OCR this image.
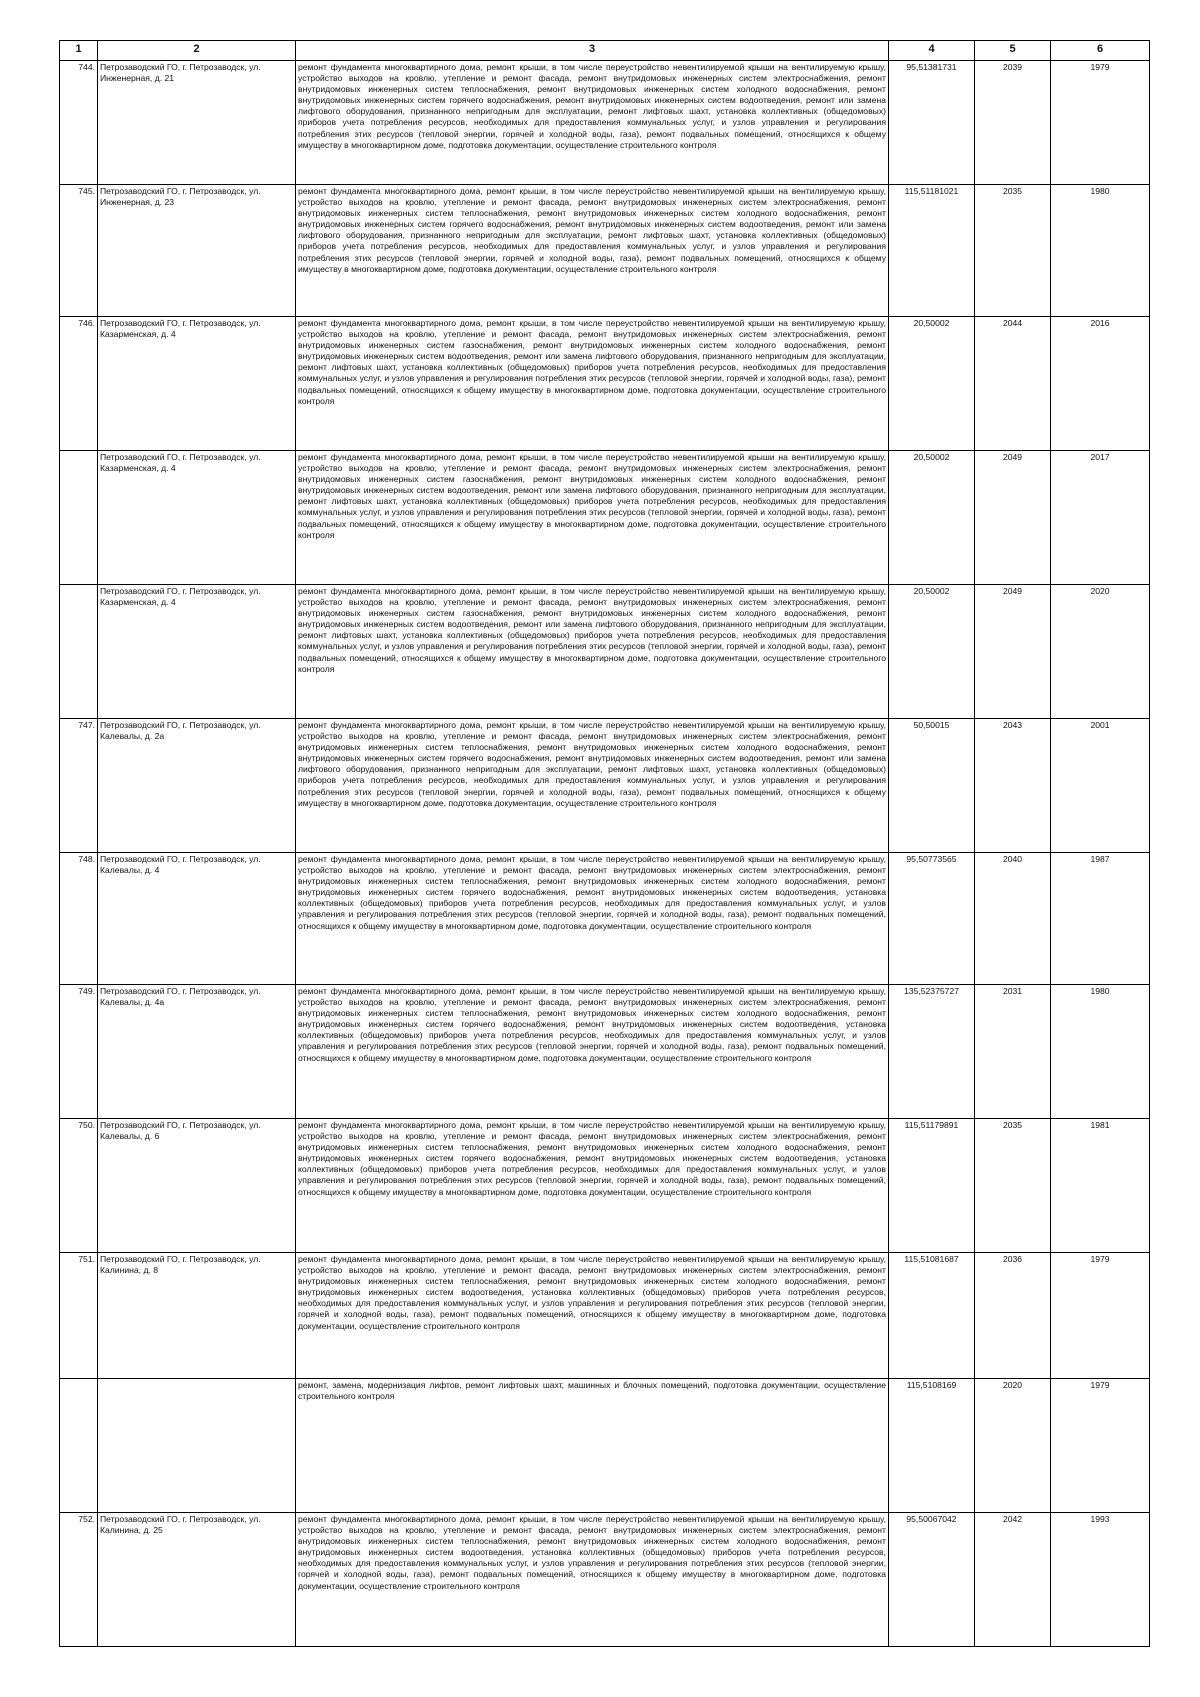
1	2	3	4	5	6
744.	Петрозаводский ГО, г. Петрозаводск, ул. Инженерная, д. 21	ремонт фундамента многоквартирного дома, ремонт крыши, в том числе переустройство невентилируемой крыши на вентилируемую крышу, устройство выходов на кровлю, утепление и ремонт фасада, ремонт внутридомовых инженерных систем электроснабжения, ремонт внутридомовых инженерных систем теплоснабжения, ремонт внутридомовых инженерных систем холодного водоснабжения, ремонт внутридомовых инженерных систем горячего водоснабжения, ремонт внутридомовых инженерных систем водоотведения, ремонт или замена лифтового оборудования, признанного непригодным для эксплуатации, ремонт лифтовых шахт, установка коллективных (общедомовых) приборов учета потребления ресурсов, необходимых для предоставления коммунальных услуг, и узлов управления и регулирования потребления этих ресурсов (тепловой энергии, горячей и холодной воды, газа), ремонт подвальных помещений, относящихся к общему имуществу в многоквартирном доме, подготовка документации, осуществление строительного контроля	95,51381731	2039	1979
745.	Петрозаводский ГО, г. Петрозаводск, ул. Инженерная, д. 23	ремонт фундамента многоквартирного дома, ремонт крыши, в том числе переустройство невентилируемой крыши на вентилируемую крышу, устройство выходов на кровлю, утепление и ремонт фасада, ремонт внутридомовых инженерных систем электроснабжения, ремонт внутридомовых инженерных систем теплоснабжения, ремонт внутридомовых инженерных систем холодного водоснабжения, ремонт внутридомовых инженерных систем горячего водоснабжения, ремонт внутридомовых инженерных систем водоотведения, ремонт или замена лифтового оборудования, признанного непригодным для эксплуатации, ремонт лифтовых шахт, установка коллективных (общедомовых) приборов учета потребления ресурсов, необходимых для предоставления коммунальных услуг, и узлов управления и регулирования потребления этих ресурсов (тепловой энергии, горячей и холодной воды, газа), ремонт подвальных помещений, относящихся к общему имуществу в многоквартирном доме, подготовка документации, осуществление строительного контроля	115,51181021	2035	1980
746.	Петрозаводский ГО, г. Петрозаводск, ул. Казарменская, д. 4	ремонт фундамента многоквартирного дома, ремонт крыши, в том числе переустройство невентилируемой крыши на вентилируемую крышу, устройство выходов на кровлю, утепление и ремонт фасада, ремонт внутридомовых инженерных систем электроснабжения, ремонт внутридомовых инженерных систем газоснабжения, ремонт внутридомовых инженерных систем холодного водоснабжения, ремонт внутридомовых инженерных систем водоотведения, ремонт или замена лифтового оборудования, признанного непригодным для эксплуатации, ремонт лифтовых шахт, установка коллективных (общедомовых) приборов учета потребления ресурсов, необходимых для предоставления коммунальных услуг, и узлов управления и регулирования потребления этих ресурсов (тепловой энергии, горячей и холодной воды, газа), ремонт подвальных помещений, относящихся к общему имуществу в многоквартирном доме, подготовка документации, осуществление строительного контроля	20,50002	2044	2016
	Петрозаводский ГО, г. Петрозаводск, ул. Казарменская, д. 4	ремонт фундамента многоквартирного дома, ремонт крыши, в том числе переустройство невентилируемой крыши на вентилируемую крышу, устройство выходов на кровлю, утепление и ремонт фасада, ремонт внутридомовых инженерных систем электроснабжения, ремонт внутридомовых инженерных систем газоснабжения, ремонт внутридомовых инженерных систем холодного водоснабжения, ремонт внутридомовых инженерных систем водоотведения, ремонт или замена лифтового оборудования, признанного непригодным для эксплуатации, ремонт лифтовых шахт, установка коллективных (общедомовых) приборов учета потребления ресурсов, необходимых для предоставления коммунальных услуг, и узлов управления и регулирования потребления этих ресурсов (тепловой энергии, горячей и холодной воды, газа), ремонт подвальных помещений, относящихся к общему имуществу в многоквартирном доме, подготовка документации, осуществление строительного контроля	20,50002	2049	2017
	Петрозаводский ГО, г. Петрозаводск, ул. Казарменская, д. 4	ремонт фундамента многоквартирного дома, ремонт крыши, в том числе переустройство невентилируемой крыши на вентилируемую крышу, устройство выходов на кровлю, утепление и ремонт фасада, ремонт внутридомовых инженерных систем электроснабжения, ремонт внутридомовых инженерных систем газоснабжения, ремонт внутридомовых инженерных систем холодного водоснабжения, ремонт внутридомовых инженерных систем водоотведения, ремонт или замена лифтового оборудования, признанного непригодным для эксплуатации, ремонт лифтовых шахт, установка коллективных (общедомовых) приборов учета потребления ресурсов, необходимых для предоставления коммунальных услуг, и узлов управления и регулирования потребления этих ресурсов (тепловой энергии, горячей и холодной воды, газа), ремонт подвальных помещений, относящихся к общему имуществу в многоквартирном доме, подготовка документации, осуществление строительного контроля	20,50002	2049	2020
747.	Петрозаводский ГО, г. Петрозаводск, ул. Калевалы, д. 2а	ремонт фундамента многоквартирного дома, ремонт крыши, в том числе переустройство невентилируемой крыши на вентилируемую крышу, устройство выходов на кровлю, утепление и ремонт фасада, ремонт внутридомовых инженерных систем электроснабжения, ремонт внутридомовых инженерных систем теплоснабжения, ремонт внутридомовых инженерных систем холодного водоснабжения, ремонт внутридомовых инженерных систем горячего водоснабжения, ремонт внутридомовых инженерных систем водоотведения, ремонт или замена лифтового оборудования, признанного непригодным для эксплуатации, ремонт лифтовых шахт, установка коллективных (общедомовых) приборов учета потребления ресурсов, необходимых для предоставления коммунальных услуг, и узлов управления и регулирования потребления этих ресурсов (тепловой энергии, горячей и холодной воды, газа), ремонт подвальных помещений, относящихся к общему имуществу в многоквартирном доме, подготовка документации, осуществление строительного контроля	50,50015	2043	2001
748.	Петрозаводский ГО, г. Петрозаводск, ул. Калевалы, д. 4	ремонт фундамента многоквартирного дома, ремонт крыши, в том числе переустройство невентилируемой крыши на вентилируемую крышу, устройство выходов на кровлю, утепление и ремонт фасада, ремонт внутридомовых инженерных систем электроснабжения, ремонт внутридомовых инженерных систем теплоснабжения, ремонт внутридомовых инженерных систем холодного водоснабжения, ремонт внутридомовых инженерных систем горячего водоснабжения, ремонт внутридомовых инженерных систем водоотведения, установка коллективных (общедомовых) приборов учета потребления ресурсов, необходимых для предоставления коммунальных услуг, и узлов управления и регулирования потребления этих ресурсов (тепловой энергии, горячей и холодной воды, газа), ремонт подвальных помещений, относящихся к общему имуществу в многоквартирном доме, подготовка документации, осуществление строительного контроля	95,50773565	2040	1987
749.	Петрозаводский ГО, г. Петрозаводск, ул. Калевалы, д. 4а	ремонт фундамента многоквартирного дома, ремонт крыши, в том числе переустройство невентилируемой крыши на вентилируемую крышу, устройство выходов на кровлю, утепление и ремонт фасада, ремонт внутридомовых инженерных систем электроснабжения, ремонт внутридомовых инженерных систем теплоснабжения, ремонт внутридомовых инженерных систем холодного водоснабжения, ремонт внутридомовых инженерных систем горячего водоснабжения, ремонт внутридомовых инженерных систем водоотведения, установка коллективных (общедомовых) приборов учета потребления ресурсов, необходимых для предоставления коммунальных услуг, и узлов управления и регулирования потребления этих ресурсов (тепловой энергии, горячей и холодной воды, газа), ремонт подвальных помещений, относящихся к общему имуществу в многоквартирном доме, подготовка документации, осуществление строительного контроля	135,52375727	2031	1980
750.	Петрозаводский ГО, г. Петрозаводск, ул. Калевалы, д. 6	ремонт фундамента многоквартирного дома, ремонт крыши, в том числе переустройство невентилируемой крыши на вентилируемую крышу, устройство выходов на кровлю, утепление и ремонт фасада, ремонт внутридомовых инженерных систем электроснабжения, ремонт внутридомовых инженерных систем теплоснабжения, ремонт внутридомовых инженерных систем холодного водоснабжения, ремонт внутридомовых инженерных систем горячего водоснабжения, ремонт внутридомовых инженерных систем водоотведения, установка коллективных (общедомовых) приборов учета потребления ресурсов, необходимых для предоставления коммунальных услуг, и узлов управления и регулирования потребления этих ресурсов (тепловой энергии, горячей и холодной воды, газа), ремонт подвальных помещений, относящихся к общему имуществу в многоквартирном доме, подготовка документации, осуществление строительного контроля	115,51179891	2035	1981
751.	Петрозаводский ГО, г. Петрозаводск, ул. Калинина, д. 8	ремонт фундамента многоквартирного дома, ремонт крыши, в том числе переустройство невентилируемой крыши на вентилируемую крышу, устройство выходов на кровлю, утепление и ремонт фасада, ремонт внутридомовых инженерных систем электроснабжения, ремонт внутридомовых инженерных систем теплоснабжения, ремонт внутридомовых инженерных систем холодного водоснабжения, ремонт внутридомовых инженерных систем водоотведения, установка коллективных (общедомовых) приборов учета потребления ресурсов, необходимых для предоставления коммунальных услуг, и узлов управления и регулирования потребления этих ресурсов (тепловой энергии, горячей и холодной воды, газа), ремонт подвальных помещений, относящихся к общему имуществу в многоквартирном доме, подготовка документации, осуществление строительного контроля	115,51081687	2036	1979
		ремонт, замена, модернизация лифтов, ремонт лифтовых шахт, машинных и блочных помещений, подготовка документации, осуществление строительного контроля	115,5108169	2020	1979
752.	Петрозаводский ГО, г. Петрозаводск, ул. Калинина, д. 25	ремонт фундамента многоквартирного дома, ремонт крыши, в том числе переустройство невентилируемой крыши на вентилируемую крышу, устройство выходов на кровлю, утепление и ремонт фасада, ремонт внутридомовых инженерных систем электроснабжения, ремонт внутридомовых инженерных систем теплоснабжения, ремонт внутридомовых инженерных систем холодного водоснабжения, ремонт внутридомовых инженерных систем водоотведения, установка коллективных (общедомовых) приборов учета потребления ресурсов, необходимых для предоставления коммунальных услуг, и узлов управления и регулирования потребления этих ресурсов (тепловой энергии, горячей и холодной воды, газа), ремонт подвальных помещений, относящихся к общему имуществу в многоквартирном доме, подготовка документации, осуществление строительного контроля	95,50067042	2042	1993
